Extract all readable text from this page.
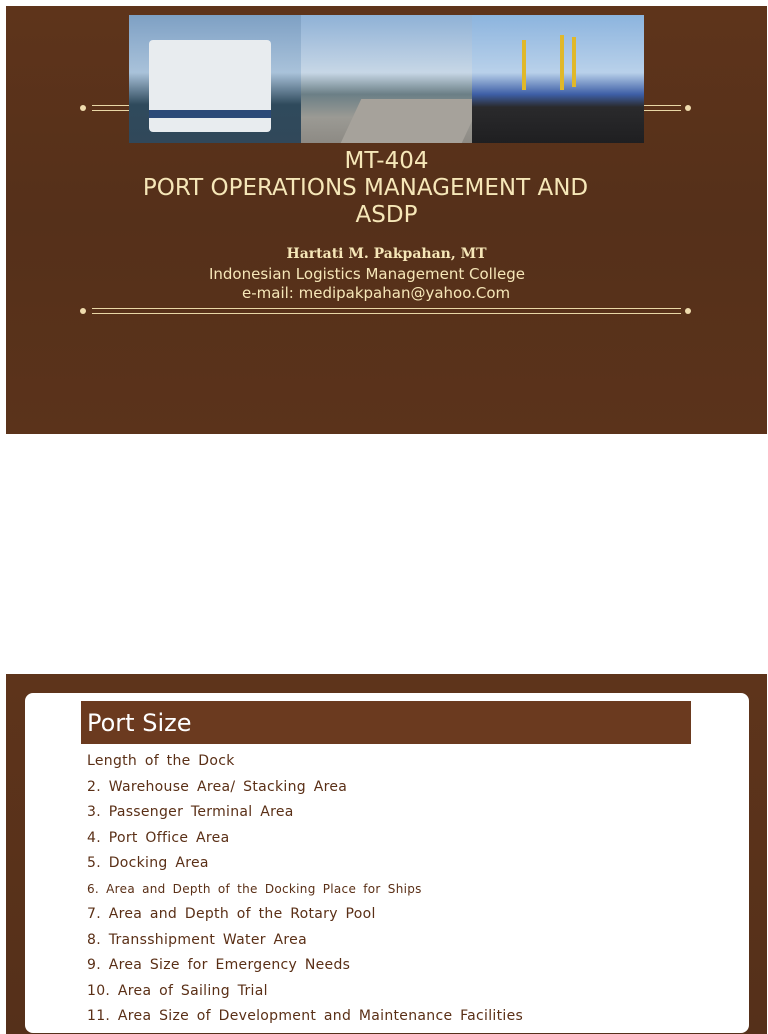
MT-404
PORT OPERATIONS MANAGEMENT AND
ASDP
Hartati M. Pakpahan, MT
Indonesian Logistics Management College
e-mail: medipakpahan@yahoo.Com
Port Size
Length of the Dock
2. Warehouse Area/ Stacking Area
3. Passenger Terminal Area
4. Port Office Area
5. Docking Area
6. Area and Depth of the Docking Place for Ships
7. Area and Depth of the Rotary Pool
8. Transshipment Water Area
9. Area Size for Emergency Needs
10. Area of Sailing Trial
11. Area Size of Development and Maintenance Facilities
